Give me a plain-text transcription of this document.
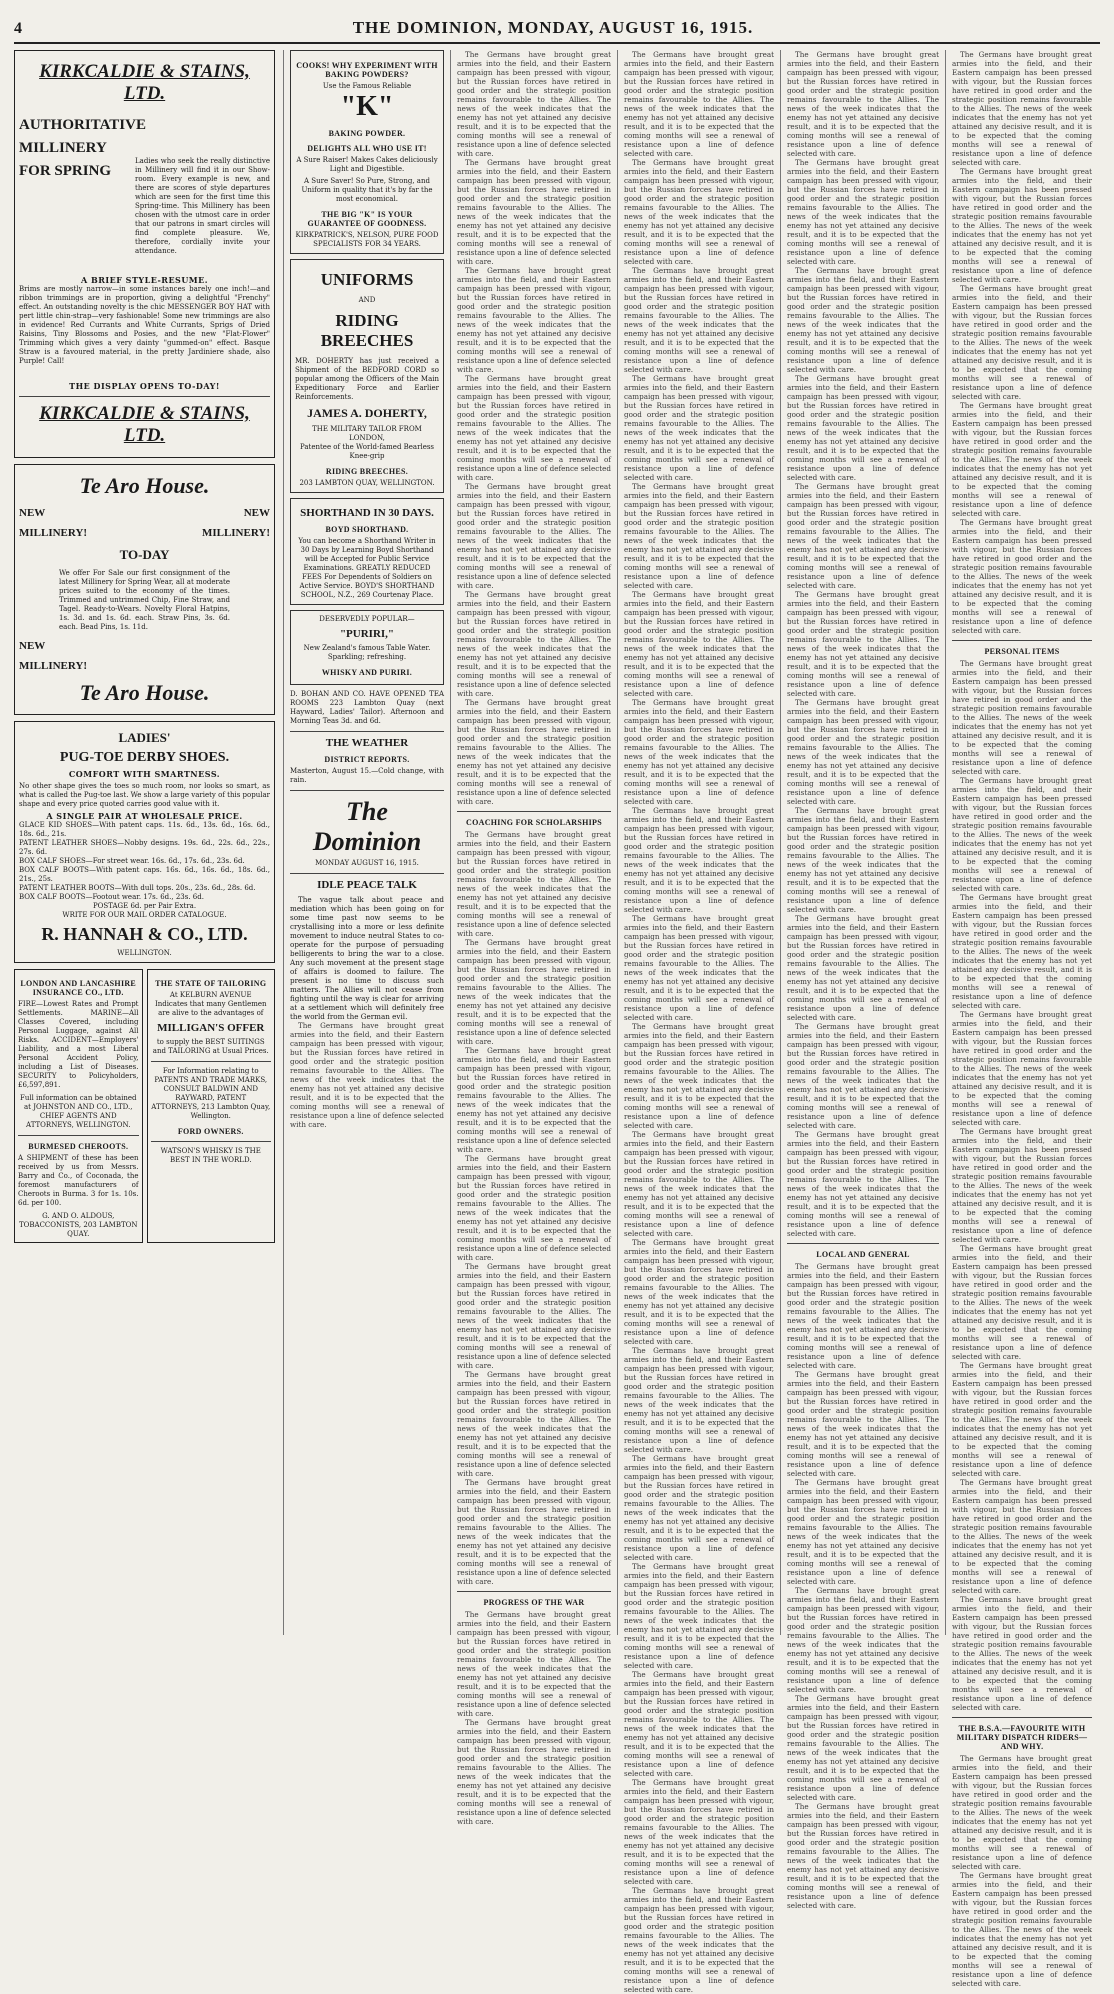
4	THE DOMINION, MONDAY, AUGUST 16, 1915.
KIRKCALDIE & STAINS, LTD.
AUTHORITATIVE
MILLINERY
FOR SPRING
Ladies who seek the really distinctive in Millinery will find it in our Show-room. Every example is new, and there are scores of style departures which are seen for the first time this Spring-time. This Millinery has been chosen with the utmost care in order that our patrons in smart circles will find complete pleasure. We, therefore, cordially invite your attendance.
A BRIEF STYLE-RESUME.
Brims are mostly narrow—in some instances barely one inch!—and ribbon trimmings are in proportion, giving a delightful "Frenchy" effect. An outstanding novelty is the chic MESSENGER BOY HAT with pert little chin-strap—very fashionable! Some new trimmings are also in evidence! Red Currants and White Currants, Sprigs of Dried Raisins, Tiny Blossoms and Posies, and the new "Flat-Flower" Trimming which gives a very dainty "gummed-on" effect. Basque Straw is a favoured material, in the pretty Jardiniere shade, also Purple! Call!
THE DISPLAY OPENS TO-DAY!
KIRKCALDIE & STAINS, LTD.
Te Aro House.
NEW	NEW
MILLINERY!	MILLINERY!
TO-DAY
We offer For Sale our first consignment of the latest Millinery for Spring Wear, all at moderate prices suited to the economy of the times. Trimmed and untrimmed Chip, Fine Straw, and Tagel. Ready-to-Wears. Novelty Floral Hatpins, 1s. 3d. and 1s. 6d. each. Straw Pins, 3s. 6d. each. Bead Pins, 1s. 11d.
NEW
MILLINERY!
Te Aro House.
LADIES'
PUG-TOE DERBY SHOES.
COMFORT WITH SMARTNESS.
No other shape gives the toes so much room, nor looks so smart, as what is called the Pug-toe last. We show a large variety of this popular shape and every price quoted carries good value with it.
A SINGLE PAIR AT WHOLESALE PRICE.
GLACE KID SHOES—With patent caps. 11s. 6d., 13s. 6d., 16s. 6d., 18s. 6d., 21s.
PATENT LEATHER SHOES—Nobby designs. 19s. 6d., 22s. 6d., 22s., 27s. 6d.
BOX CALF SHOES—For street wear. 16s. 6d., 17s. 6d., 23s. 6d.
BOX CALF BOOTS—With patent caps. 16s. 6d., 16s. 6d., 18s. 6d., 21s., 25s.
PATENT LEATHER BOOTS—With dull tops. 20s., 23s. 6d., 28s. 6d.
BOX CALF BOOTS—Footout wear. 17s. 6d., 23s. 6d.
POSTAGE 6d. per Pair Extra.
WRITE FOR OUR MAIL ORDER CATALOGUE.
R. HANNAH & CO., LTD.
WELLINGTON.
LONDON AND LANCASHIRE INSURANCE CO., LTD.
FIRE—Lowest Rates and Prompt Settlements. MARINE—All Classes Covered, including Personal Luggage, against All Risks. ACCIDENT—Employers' Liability, and a most Liberal Personal Accident Policy, including a List of Diseases. SECURITY to Policyholders, £6,597,891.
Full information can be obtained at JOHNSTON AND CO., LTD., CHIEF AGENTS AND ATTORNEYS, WELLINGTON.
BURMESED CHEROOTS.
A SHIPMENT of these has been received by us from Messrs. Barry and Co., of Coconada, the foremost manufacturers of Cheroots in Burma. 3 for 1s. 10s. 6d. per 100.
G. AND O. ALDOUS, TOBACCONISTS, 203 LAMBTON QUAY.
THE STATE OF TAILORING
At KELBURN AVENUE
Indicates that many Gentlemen are alive to the advantages of
MILLIGAN'S OFFER
to supply the BEST SUITINGS and TAILORING at Usual Prices.
For Information relating to PATENTS AND TRADE MARKS, CONSULT BALDWIN AND RAYWARD, PATENT ATTORNEYS, 213 Lambton Quay, Wellington.
FORD OWNERS.
WATSON'S WHISKY IS THE BEST IN THE WORLD.
COOKS! WHY EXPERIMENT WITH BAKING POWDERS?
Use the Famous Reliable
"K"
BAKING POWDER.
DELIGHTS ALL WHO USE IT!
A Sure Raiser! Makes Cakes deliciously Light and Digestible.
A Sure Saver! So Pure, Strong, and Uniform in quality that it's by far the most economical.
THE BIG "K" IS YOUR GUARANTEE OF GOODNESS.
KIRKPATRICK'S, NELSON, PURE FOOD SPECIALISTS FOR 34 YEARS.
UNIFORMS
AND
RIDING BREECHES
MR. DOHERTY has just received a Shipment of the BEDFORD CORD so popular among the Officers of the Main Expeditionary Force and Earlier Reinforcements.
JAMES A. DOHERTY,
THE MILITARY TAILOR FROM LONDON,
Patentee of the World-famed Bearless Knee-grip
RIDING BREECHES.
203 LAMBTON QUAY, WELLINGTON.
SHORTHAND IN 30 DAYS.
BOYD SHORTHAND.
You can become a Shorthand Writer in 30 Days by Learning Boyd Shorthand will be Accepted for Public Service Examinations. GREATLY REDUCED FEES For Dependents of Soldiers on Active Service. BOYD'S SHORTHAND SCHOOL, N.Z., 269 Courtenay Place.
DESERVEDLY POPULAR—
"PURIRI,"
New Zealand's famous Table Water. Sparkling; refreshing.
WHISKY AND PURIRI.
D. BOHAN AND CO. HAVE OPENED TEA ROOMS 223 Lambton Quay (next Hayward, Ladies' Tailor). Afternoon and Morning Teas 3d. and 6d.
THE WEATHER
DISTRICT REPORTS.
Masterton, August 15.—Cold change, with rain.
The Dominion
MONDAY AUGUST 16, 1915.
IDLE PEACE TALK

The vague talk about peace and mediation which has been going on for some time past now seems to be crystallising into a more or less definite movement to induce neutral States to co-operate for the purpose of persuading belligerents to bring the war to a close. Any such movement at the present stage of affairs is doomed to failure. The present is no time to discuss such matters. The Allies will not cease from fighting until the way is clear for arriving at a settlement which will definitely free the world from the German evil.

The Germans have brought great armies into the field, and their Eastern campaign has been pressed with vigour, but the Russian forces have retired in good order and the strategic position remains favourable to the Allies. The news of the week indicates that the enemy has not yet attained any decisive result, and it is to be expected that the coming months will see a renewal of resistance upon a line of defence selected with care.

The Germans have brought great armies into the field, and their Eastern campaign has been pressed with vigour, but the Russian forces have retired in good order and the strategic position remains favourable to the Allies. The news of the week indicates that the enemy has not yet attained any decisive result, and it is to be expected that the coming months will see a renewal of resistance upon a line of defence selected with care.

The Germans have brought great armies into the field, and their Eastern campaign has been pressed with vigour, but the Russian forces have retired in good order and the strategic position remains favourable to the Allies. The news of the week indicates that the enemy has not yet attained any decisive result, and it is to be expected that the coming months will see a renewal of resistance upon a line of defence selected with care.

The Germans have brought great armies into the field, and their Eastern campaign has been pressed with vigour, but the Russian forces have retired in good order and the strategic position remains favourable to the Allies. The news of the week indicates that the enemy has not yet attained any decisive result, and it is to be expected that the coming months will see a renewal of resistance upon a line of defence selected with care.

The Germans have brought great armies into the field, and their Eastern campaign has been pressed with vigour, but the Russian forces have retired in good order and the strategic position remains favourable to the Allies. The news of the week indicates that the enemy has not yet attained any decisive result, and it is to be expected that the coming months will see a renewal of resistance upon a line of defence selected with care.

The Germans have brought great armies into the field, and their Eastern campaign has been pressed with vigour, but the Russian forces have retired in good order and the strategic position remains favourable to the Allies. The news of the week indicates that the enemy has not yet attained any decisive result, and it is to be expected that the coming months will see a renewal of resistance upon a line of defence selected with care.

The Germans have brought great armies into the field, and their Eastern campaign has been pressed with vigour, but the Russian forces have retired in good order and the strategic position remains favourable to the Allies. The news of the week indicates that the enemy has not yet attained any decisive result, and it is to be expected that the coming months will see a renewal of resistance upon a line of defence selected with care.

The Germans have brought great armies into the field, and their Eastern campaign has been pressed with vigour, but the Russian forces have retired in good order and the strategic position remains favourable to the Allies. The news of the week indicates that the enemy has not yet attained any decisive result, and it is to be expected that the coming months will see a renewal of resistance upon a line of defence selected with care.

COACHING FOR SCHOLARSHIPS

The Germans have brought great armies into the field, and their Eastern campaign has been pressed with vigour, but the Russian forces have retired in good order and the strategic position remains favourable to the Allies. The news of the week indicates that the enemy has not yet attained any decisive result, and it is to be expected that the coming months will see a renewal of resistance upon a line of defence selected with care.

The Germans have brought great armies into the field, and their Eastern campaign has been pressed with vigour, but the Russian forces have retired in good order and the strategic position remains favourable to the Allies. The news of the week indicates that the enemy has not yet attained any decisive result, and it is to be expected that the coming months will see a renewal of resistance upon a line of defence selected with care.

The Germans have brought great armies into the field, and their Eastern campaign has been pressed with vigour, but the Russian forces have retired in good order and the strategic position remains favourable to the Allies. The news of the week indicates that the enemy has not yet attained any decisive result, and it is to be expected that the coming months will see a renewal of resistance upon a line of defence selected with care.

The Germans have brought great armies into the field, and their Eastern campaign has been pressed with vigour, but the Russian forces have retired in good order and the strategic position remains favourable to the Allies. The news of the week indicates that the enemy has not yet attained any decisive result, and it is to be expected that the coming months will see a renewal of resistance upon a line of defence selected with care.

The Germans have brought great armies into the field, and their Eastern campaign has been pressed with vigour, but the Russian forces have retired in good order and the strategic position remains favourable to the Allies. The news of the week indicates that the enemy has not yet attained any decisive result, and it is to be expected that the coming months will see a renewal of resistance upon a line of defence selected with care.

The Germans have brought great armies into the field, and their Eastern campaign has been pressed with vigour, but the Russian forces have retired in good order and the strategic position remains favourable to the Allies. The news of the week indicates that the enemy has not yet attained any decisive result, and it is to be expected that the coming months will see a renewal of resistance upon a line of defence selected with care.

The Germans have brought great armies into the field, and their Eastern campaign has been pressed with vigour, but the Russian forces have retired in good order and the strategic position remains favourable to the Allies. The news of the week indicates that the enemy has not yet attained any decisive result, and it is to be expected that the coming months will see a renewal of resistance upon a line of defence selected with care.

PROGRESS OF THE WAR

The Germans have brought great armies into the field, and their Eastern campaign has been pressed with vigour, but the Russian forces have retired in good order and the strategic position remains favourable to the Allies. The news of the week indicates that the enemy has not yet attained any decisive result, and it is to be expected that the coming months will see a renewal of resistance upon a line of defence selected with care.

The Germans have brought great armies into the field, and their Eastern campaign has been pressed with vigour, but the Russian forces have retired in good order and the strategic position remains favourable to the Allies. The news of the week indicates that the enemy has not yet attained any decisive result, and it is to be expected that the coming months will see a renewal of resistance upon a line of defence selected with care.

The Germans have brought great armies into the field, and their Eastern campaign has been pressed with vigour, but the Russian forces have retired in good order and the strategic position remains favourable to the Allies. The news of the week indicates that the enemy has not yet attained any decisive result, and it is to be expected that the coming months will see a renewal of resistance upon a line of defence selected with care.

The Germans have brought great armies into the field, and their Eastern campaign has been pressed with vigour, but the Russian forces have retired in good order and the strategic position remains favourable to the Allies. The news of the week indicates that the enemy has not yet attained any decisive result, and it is to be expected that the coming months will see a renewal of resistance upon a line of defence selected with care.

The Germans have brought great armies into the field, and their Eastern campaign has been pressed with vigour, but the Russian forces have retired in good order and the strategic position remains favourable to the Allies. The news of the week indicates that the enemy has not yet attained any decisive result, and it is to be expected that the coming months will see a renewal of resistance upon a line of defence selected with care.

The Germans have brought great armies into the field, and their Eastern campaign has been pressed with vigour, but the Russian forces have retired in good order and the strategic position remains favourable to the Allies. The news of the week indicates that the enemy has not yet attained any decisive result, and it is to be expected that the coming months will see a renewal of resistance upon a line of defence selected with care.

The Germans have brought great armies into the field, and their Eastern campaign has been pressed with vigour, but the Russian forces have retired in good order and the strategic position remains favourable to the Allies. The news of the week indicates that the enemy has not yet attained any decisive result, and it is to be expected that the coming months will see a renewal of resistance upon a line of defence selected with care.

The Germans have brought great armies into the field, and their Eastern campaign has been pressed with vigour, but the Russian forces have retired in good order and the strategic position remains favourable to the Allies. The news of the week indicates that the enemy has not yet attained any decisive result, and it is to be expected that the coming months will see a renewal of resistance upon a line of defence selected with care.

The Germans have brought great armies into the field, and their Eastern campaign has been pressed with vigour, but the Russian forces have retired in good order and the strategic position remains favourable to the Allies. The news of the week indicates that the enemy has not yet attained any decisive result, and it is to be expected that the coming months will see a renewal of resistance upon a line of defence selected with care.

The Germans have brought great armies into the field, and their Eastern campaign has been pressed with vigour, but the Russian forces have retired in good order and the strategic position remains favourable to the Allies. The news of the week indicates that the enemy has not yet attained any decisive result, and it is to be expected that the coming months will see a renewal of resistance upon a line of defence selected with care.

The Germans have brought great armies into the field, and their Eastern campaign has been pressed with vigour, but the Russian forces have retired in good order and the strategic position remains favourable to the Allies. The news of the week indicates that the enemy has not yet attained any decisive result, and it is to be expected that the coming months will see a renewal of resistance upon a line of defence selected with care.

The Germans have brought great armies into the field, and their Eastern campaign has been pressed with vigour, but the Russian forces have retired in good order and the strategic position remains favourable to the Allies. The news of the week indicates that the enemy has not yet attained any decisive result, and it is to be expected that the coming months will see a renewal of resistance upon a line of defence selected with care.

The Germans have brought great armies into the field, and their Eastern campaign has been pressed with vigour, but the Russian forces have retired in good order and the strategic position remains favourable to the Allies. The news of the week indicates that the enemy has not yet attained any decisive result, and it is to be expected that the coming months will see a renewal of resistance upon a line of defence selected with care.

The Germans have brought great armies into the field, and their Eastern campaign has been pressed with vigour, but the Russian forces have retired in good order and the strategic position remains favourable to the Allies. The news of the week indicates that the enemy has not yet attained any decisive result, and it is to be expected that the coming months will see a renewal of resistance upon a line of defence selected with care.

The Germans have brought great armies into the field, and their Eastern campaign has been pressed with vigour, but the Russian forces have retired in good order and the strategic position remains favourable to the Allies. The news of the week indicates that the enemy has not yet attained any decisive result, and it is to be expected that the coming months will see a renewal of resistance upon a line of defence selected with care.

The Germans have brought great armies into the field, and their Eastern campaign has been pressed with vigour, but the Russian forces have retired in good order and the strategic position remains favourable to the Allies. The news of the week indicates that the enemy has not yet attained any decisive result, and it is to be expected that the coming months will see a renewal of resistance upon a line of defence selected with care.

The Germans have brought great armies into the field, and their Eastern campaign has been pressed with vigour, but the Russian forces have retired in good order and the strategic position remains favourable to the Allies. The news of the week indicates that the enemy has not yet attained any decisive result, and it is to be expected that the coming months will see a renewal of resistance upon a line of defence selected with care.

The Germans have brought great armies into the field, and their Eastern campaign has been pressed with vigour, but the Russian forces have retired in good order and the strategic position remains favourable to the Allies. The news of the week indicates that the enemy has not yet attained any decisive result, and it is to be expected that the coming months will see a renewal of resistance upon a line of defence selected with care.

The Germans have brought great armies into the field, and their Eastern campaign has been pressed with vigour, but the Russian forces have retired in good order and the strategic position remains favourable to the Allies. The news of the week indicates that the enemy has not yet attained any decisive result, and it is to be expected that the coming months will see a renewal of resistance upon a line of defence selected with care.

The Germans have brought great armies into the field, and their Eastern campaign has been pressed with vigour, but the Russian forces have retired in good order and the strategic position remains favourable to the Allies. The news of the week indicates that the enemy has not yet attained any decisive result, and it is to be expected that the coming months will see a renewal of resistance upon a line of defence selected with care.

The Germans have brought great armies into the field, and their Eastern campaign has been pressed with vigour, but the Russian forces have retired in good order and the strategic position remains favourable to the Allies. The news of the week indicates that the enemy has not yet attained any decisive result, and it is to be expected that the coming months will see a renewal of resistance upon a line of defence selected with care.

The Germans have brought great armies into the field, and their Eastern campaign has been pressed with vigour, but the Russian forces have retired in good order and the strategic position remains favourable to the Allies. The news of the week indicates that the enemy has not yet attained any decisive result, and it is to be expected that the coming months will see a renewal of resistance upon a line of defence selected with care.

The Germans have brought great armies into the field, and their Eastern campaign has been pressed with vigour, but the Russian forces have retired in good order and the strategic position remains favourable to the Allies. The news of the week indicates that the enemy has not yet attained any decisive result, and it is to be expected that the coming months will see a renewal of resistance upon a line of defence selected with care.

The Germans have brought great armies into the field, and their Eastern campaign has been pressed with vigour, but the Russian forces have retired in good order and the strategic position remains favourable to the Allies. The news of the week indicates that the enemy has not yet attained any decisive result, and it is to be expected that the coming months will see a renewal of resistance upon a line of defence selected with care.

The Germans have brought great armies into the field, and their Eastern campaign has been pressed with vigour, but the Russian forces have retired in good order and the strategic position remains favourable to the Allies. The news of the week indicates that the enemy has not yet attained any decisive result, and it is to be expected that the coming months will see a renewal of resistance upon a line of defence selected with care.

The Germans have brought great armies into the field, and their Eastern campaign has been pressed with vigour, but the Russian forces have retired in good order and the strategic position remains favourable to the Allies. The news of the week indicates that the enemy has not yet attained any decisive result, and it is to be expected that the coming months will see a renewal of resistance upon a line of defence selected with care.

The Germans have brought great armies into the field, and their Eastern campaign has been pressed with vigour, but the Russian forces have retired in good order and the strategic position remains favourable to the Allies. The news of the week indicates that the enemy has not yet attained any decisive result, and it is to be expected that the coming months will see a renewal of resistance upon a line of defence selected with care.

The Germans have brought great armies into the field, and their Eastern campaign has been pressed with vigour, but the Russian forces have retired in good order and the strategic position remains favourable to the Allies. The news of the week indicates that the enemy has not yet attained any decisive result, and it is to be expected that the coming months will see a renewal of resistance upon a line of defence selected with care.

The Germans have brought great armies into the field, and their Eastern campaign has been pressed with vigour, but the Russian forces have retired in good order and the strategic position remains favourable to the Allies. The news of the week indicates that the enemy has not yet attained any decisive result, and it is to be expected that the coming months will see a renewal of resistance upon a line of defence selected with care.

The Germans have brought great armies into the field, and their Eastern campaign has been pressed with vigour, but the Russian forces have retired in good order and the strategic position remains favourable to the Allies. The news of the week indicates that the enemy has not yet attained any decisive result, and it is to be expected that the coming months will see a renewal of resistance upon a line of defence selected with care.

The Germans have brought great armies into the field, and their Eastern campaign has been pressed with vigour, but the Russian forces have retired in good order and the strategic position remains favourable to the Allies. The news of the week indicates that the enemy has not yet attained any decisive result, and it is to be expected that the coming months will see a renewal of resistance upon a line of defence selected with care.

LOCAL AND GENERAL

The Germans have brought great armies into the field, and their Eastern campaign has been pressed with vigour, but the Russian forces have retired in good order and the strategic position remains favourable to the Allies. The news of the week indicates that the enemy has not yet attained any decisive result, and it is to be expected that the coming months will see a renewal of resistance upon a line of defence selected with care.

The Germans have brought great armies into the field, and their Eastern campaign has been pressed with vigour, but the Russian forces have retired in good order and the strategic position remains favourable to the Allies. The news of the week indicates that the enemy has not yet attained any decisive result, and it is to be expected that the coming months will see a renewal of resistance upon a line of defence selected with care.

The Germans have brought great armies into the field, and their Eastern campaign has been pressed with vigour, but the Russian forces have retired in good order and the strategic position remains favourable to the Allies. The news of the week indicates that the enemy has not yet attained any decisive result, and it is to be expected that the coming months will see a renewal of resistance upon a line of defence selected with care.

The Germans have brought great armies into the field, and their Eastern campaign has been pressed with vigour, but the Russian forces have retired in good order and the strategic position remains favourable to the Allies. The news of the week indicates that the enemy has not yet attained any decisive result, and it is to be expected that the coming months will see a renewal of resistance upon a line of defence selected with care.

The Germans have brought great armies into the field, and their Eastern campaign has been pressed with vigour, but the Russian forces have retired in good order and the strategic position remains favourable to the Allies. The news of the week indicates that the enemy has not yet attained any decisive result, and it is to be expected that the coming months will see a renewal of resistance upon a line of defence selected with care.

The Germans have brought great armies into the field, and their Eastern campaign has been pressed with vigour, but the Russian forces have retired in good order and the strategic position remains favourable to the Allies. The news of the week indicates that the enemy has not yet attained any decisive result, and it is to be expected that the coming months will see a renewal of resistance upon a line of defence selected with care.

The Germans have brought great armies into the field, and their Eastern campaign has been pressed with vigour, but the Russian forces have retired in good order and the strategic position remains favourable to the Allies. The news of the week indicates that the enemy has not yet attained any decisive result, and it is to be expected that the coming months will see a renewal of resistance upon a line of defence selected with care.

The Germans have brought great armies into the field, and their Eastern campaign has been pressed with vigour, but the Russian forces have retired in good order and the strategic position remains favourable to the Allies. The news of the week indicates that the enemy has not yet attained any decisive result, and it is to be expected that the coming months will see a renewal of resistance upon a line of defence selected with care.

The Germans have brought great armies into the field, and their Eastern campaign has been pressed with vigour, but the Russian forces have retired in good order and the strategic position remains favourable to the Allies. The news of the week indicates that the enemy has not yet attained any decisive result, and it is to be expected that the coming months will see a renewal of resistance upon a line of defence selected with care.

The Germans have brought great armies into the field, and their Eastern campaign has been pressed with vigour, but the Russian forces have retired in good order and the strategic position remains favourable to the Allies. The news of the week indicates that the enemy has not yet attained any decisive result, and it is to be expected that the coming months will see a renewal of resistance upon a line of defence selected with care.

The Germans have brought great armies into the field, and their Eastern campaign has been pressed with vigour, but the Russian forces have retired in good order and the strategic position remains favourable to the Allies. The news of the week indicates that the enemy has not yet attained any decisive result, and it is to be expected that the coming months will see a renewal of resistance upon a line of defence selected with care.

PERSONAL ITEMS

The Germans have brought great armies into the field, and their Eastern campaign has been pressed with vigour, but the Russian forces have retired in good order and the strategic position remains favourable to the Allies. The news of the week indicates that the enemy has not yet attained any decisive result, and it is to be expected that the coming months will see a renewal of resistance upon a line of defence selected with care.

The Germans have brought great armies into the field, and their Eastern campaign has been pressed with vigour, but the Russian forces have retired in good order and the strategic position remains favourable to the Allies. The news of the week indicates that the enemy has not yet attained any decisive result, and it is to be expected that the coming months will see a renewal of resistance upon a line of defence selected with care.

The Germans have brought great armies into the field, and their Eastern campaign has been pressed with vigour, but the Russian forces have retired in good order and the strategic position remains favourable to the Allies. The news of the week indicates that the enemy has not yet attained any decisive result, and it is to be expected that the coming months will see a renewal of resistance upon a line of defence selected with care.

The Germans have brought great armies into the field, and their Eastern campaign has been pressed with vigour, but the Russian forces have retired in good order and the strategic position remains favourable to the Allies. The news of the week indicates that the enemy has not yet attained any decisive result, and it is to be expected that the coming months will see a renewal of resistance upon a line of defence selected with care.

The Germans have brought great armies into the field, and their Eastern campaign has been pressed with vigour, but the Russian forces have retired in good order and the strategic position remains favourable to the Allies. The news of the week indicates that the enemy has not yet attained any decisive result, and it is to be expected that the coming months will see a renewal of resistance upon a line of defence selected with care.

The Germans have brought great armies into the field, and their Eastern campaign has been pressed with vigour, but the Russian forces have retired in good order and the strategic position remains favourable to the Allies. The news of the week indicates that the enemy has not yet attained any decisive result, and it is to be expected that the coming months will see a renewal of resistance upon a line of defence selected with care.

The Germans have brought great armies into the field, and their Eastern campaign has been pressed with vigour, but the Russian forces have retired in good order and the strategic position remains favourable to the Allies. The news of the week indicates that the enemy has not yet attained any decisive result, and it is to be expected that the coming months will see a renewal of resistance upon a line of defence selected with care.

The Germans have brought great armies into the field, and their Eastern campaign has been pressed with vigour, but the Russian forces have retired in good order and the strategic position remains favourable to the Allies. The news of the week indicates that the enemy has not yet attained any decisive result, and it is to be expected that the coming months will see a renewal of resistance upon a line of defence selected with care.

The Germans have brought great armies into the field, and their Eastern campaign has been pressed with vigour, but the Russian forces have retired in good order and the strategic position remains favourable to the Allies. The news of the week indicates that the enemy has not yet attained any decisive result, and it is to be expected that the coming months will see a renewal of resistance upon a line of defence selected with care.

THE B.S.A.—FAVOURITE WITH MILITARY DISPATCH RIDERS—AND WHY.

The Germans have brought great armies into the field, and their Eastern campaign has been pressed with vigour, but the Russian forces have retired in good order and the strategic position remains favourable to the Allies. The news of the week indicates that the enemy has not yet attained any decisive result, and it is to be expected that the coming months will see a renewal of resistance upon a line of defence selected with care.

The Germans have brought great armies into the field, and their Eastern campaign has been pressed with vigour, but the Russian forces have retired in good order and the strategic position remains favourable to the Allies. The news of the week indicates that the enemy has not yet attained any decisive result, and it is to be expected that the coming months will see a renewal of resistance upon a line of defence selected with care.
